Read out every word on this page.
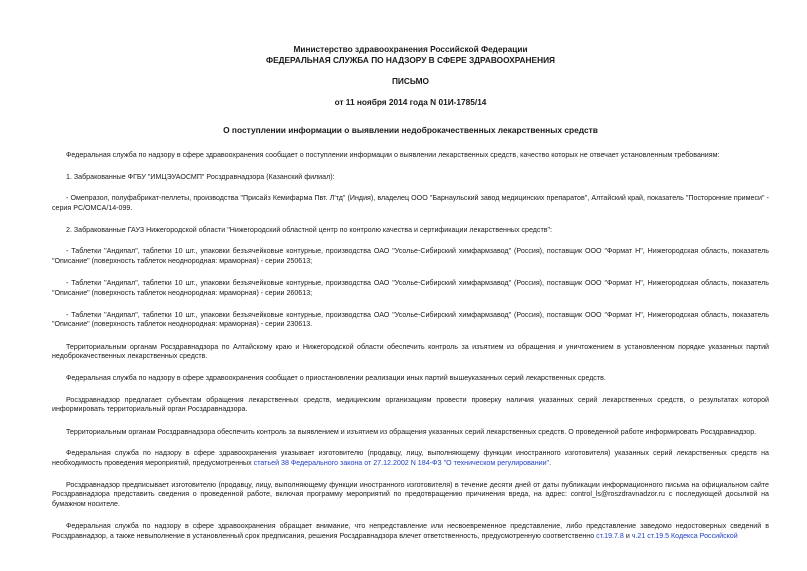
Министерство здравоохранения Российской Федерации
ФЕДЕРАЛЬНАЯ СЛУЖБА ПО НАДЗОРУ В СФЕРЕ ЗДРАВООХРАНЕНИЯ
ПИСЬМО
от 11 ноября 2014 года N 01И-1785/14
О поступлении информации о выявлении недоброкачественных лекарственных средств

Федеральная служба по надзору в сфере здравоохранения сообщает о поступлении информации о выявлении лекарственных средств, качество которых не отвечает установленным требованиям:

1. Забракованные ФГБУ "ИМЦЭУАОСМП" Росздравнадзора (Казанский филиал):

- Омепразол, полуфабрикат-пеллеты, производства "Присайз Кемифарма Пвт. Л'тд" (Индия), владелец ООО "Барнаульский завод медицинских препаратов", Алтайский край, показатель "Посторонние примеси" - серия PC/OMCA/14-099.

2. Забракованные ГАУЗ Нижегородской области "Нижегородский областной центр по контролю качества и сертификации лекарственных средств":

- Таблетки "Андипал", таблетки 10 шт., упаковки безъячейковые контурные, производства ОАО "Усолье-Сибирский химфармзавод" (Россия), поставщик ООО "Формат Н", Нижегородская область, показатель "Описание" (поверхность таблеток неоднородная: мраморная) - серии 250613;

- Таблетки "Андипал", таблетки 10 шт., упаковки безъячейковые контурные, производства ОАО "Усолье-Сибирский химфармзавод" (Россия), поставщик ООО "Формат Н", Нижегородская область, показатель "Описание" (поверхность таблеток неоднородная: мраморная) - серии 260613;

- Таблетки "Андипал", таблетки 10 шт., упаковки безъячейковые контурные, производства ОАО "Усолье-Сибирский химфармзавод" (Россия), поставщик ООО "Формат Н", Нижегородская область, показатель "Описание" (поверхность таблеток неоднородная: мраморная) - серии 230613.

Территориальным органам Росздравнадзора по Алтайскому краю и Нижегородской области обеспечить контроль за изъятием из обращения и уничтожением в установленном порядке указанных партий недоброкачественных лекарственных средств.

Федеральная служба по надзору в сфере здравоохранения сообщает о приостановлении реализации иных партий вышеуказанных серий лекарственных средств.

Росздравнадзор предлагает субъектам обращения лекарственных средств, медицинским организациям провести проверку наличия указанных серий лекарственных средств, о результатах которой информировать территориальный орган Росздравнадзора.

Территориальным органам Росздравнадзора обеспечить контроль за выявлением и изъятием из обращения указанных серий лекарственных средств. О проведенной работе информировать Росздравнадзор.

Федеральная служба по надзору в сфере здравоохранения указывает изготовителю (продавцу, лицу, выполняющему функции иностранного изготовителя) указанных серий лекарственных средств на необходимость проведения мероприятий, предусмотренных статьей 38 Федерального закона от 27.12.2002 N 184-ФЗ "О техническом регулировании".

Росздравнадзор предписывает изготовителю (продавцу, лицу, выполняющему функции иностранного изготовителя) в течение десяти дней от даты публикации информационного письма на официальном сайте Росздравнадзора представить сведения о проведенной работе, включая программу мероприятий по предотвращению причинения вреда, на адрес: control_ls@roszdravnadzor.ru с последующей досылкой на бумажном носителе.

Федеральная служба по надзору в сфере здравоохранения обращает внимание, что непредставление или несвоевременное представление, либо представление заведомо недостоверных сведений в Росздравнадзор, а также невыполнение в установленный срок предписания, решения Росздравнадзора влечет ответственность, предусмотренную соответственно ст.19.7.8 и ч.21 ст.19.5 Кодекса Российской
